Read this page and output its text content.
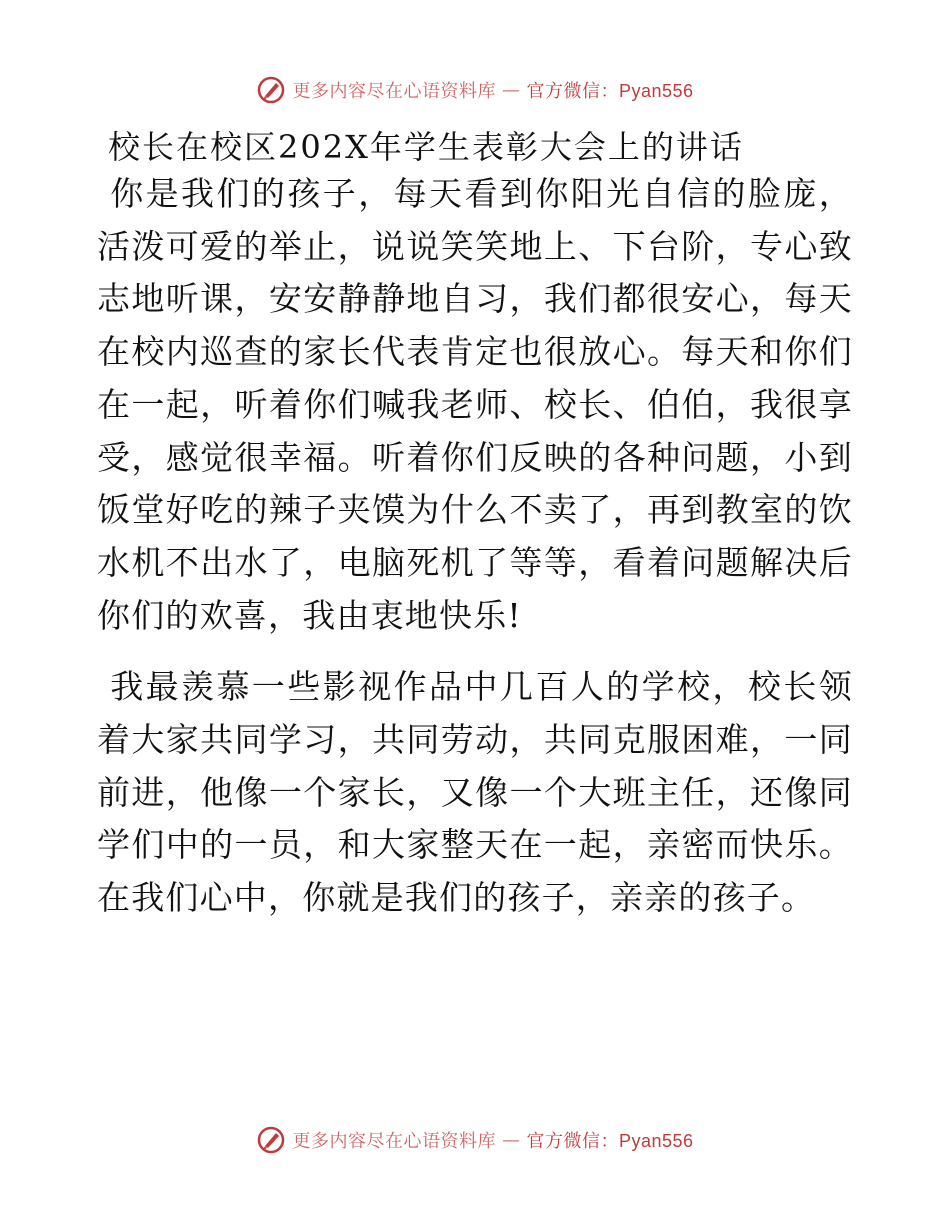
更多内容尽在心语资料库 — 官方微信：Pyan556
校长在校区202X年学生表彰大会上的讲话

你是我们的孩子，每天看到你阳光自信的脸庞，活泼可爱的举止，说说笑笑地上、下台阶，专心致志地听课，安安静静地自习，我们都很安心，每天在校内巡查的家长代表肯定也很放心。每天和你们在一起，听着你们喊我老师、校长、伯伯，我很享受，感觉很幸福。听着你们反映的各种问题，小到饭堂好吃的辣子夹馍为什么不卖了，再到教室的饮水机不出水了，电脑死机了等等，看着问题解决后你们的欢喜，我由衷地快乐!

我最羡慕一些影视作品中几百人的学校，校长领着大家共同学习，共同劳动，共同克服困难，一同前进，他像一个家长，又像一个大班主任，还像同学们中的一员，和大家整天在一起，亲密而快乐。在我们心中，你就是我们的孩子，亲亲的孩子。

更多内容尽在心语资料库 — 官方微信：Pyan556
